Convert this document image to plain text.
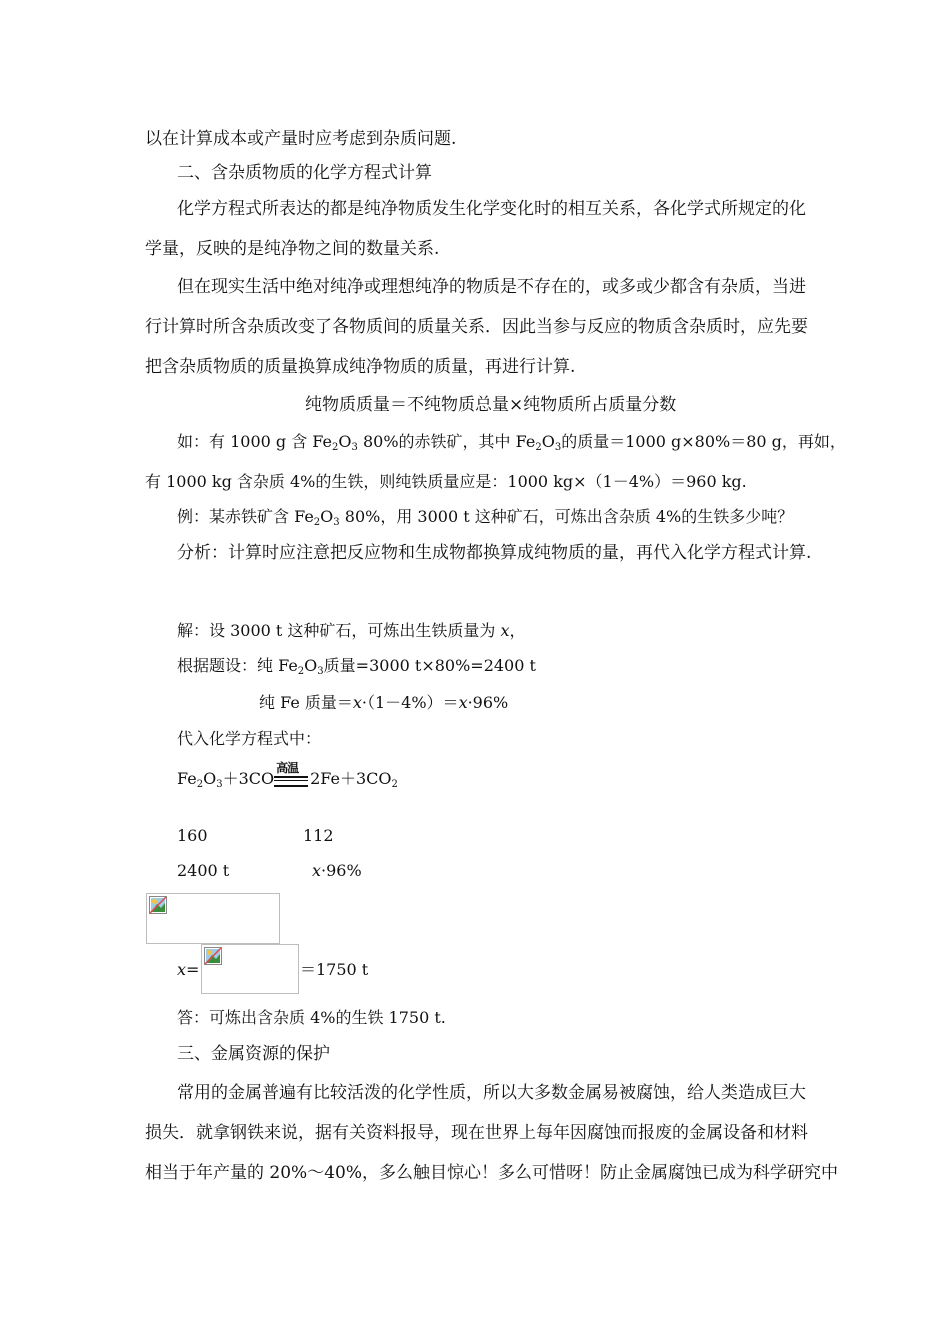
以在计算成本或产量时应考虑到杂质问题.
二、含杂质物质的化学方程式计算
化学方程式所表达的都是纯净物质发生化学变化时的相互关系，各化学式所规定的化
学量，反映的是纯净物之间的数量关系.
但在现实生活中绝对纯净或理想纯净的物质是不存在的，或多或少都含有杂质，当进
行计算时所含杂质改变了各物质间的质量关系．因此当参与反应的物质含杂质时，应先要
把含杂质物质的质量换算成纯净物质的质量，再进行计算.
纯物质质量＝不纯物质总量×纯物质所占质量分数
如：有 1000 g 含 $Fe_2O_3$ 80%的赤铁矿，其中 $Fe_2O_3$的质量＝1000 g×80%＝80 g，再如，
有 1000 kg 含杂质 4%的生铁，则纯铁质量应是：1000 kg×（1－4%）＝960 kg.
例：某赤铁矿含 $Fe_2O_3$ 80%，用 3000 t 这种矿石，可炼出含杂质 4%的生铁多少吨？
分析：计算时应注意把反应物和生成物都换算成纯物质的量，再代入化学方程式计算.
解：设 3000 t 这种矿石，可炼出生铁质量为 x，
根据题设：纯 $Fe_2O_3$质量=3000 t×80%=2400 t
纯 Fe 质量＝x·（1－4%）＝x·96%
代入化学方程式中：
$Fe_2O_3+3CO$
高温
$2Fe+3CO_2$
160	112
2400 t	x·96%
x=	＝1750 t
答：可炼出含杂质 4%的生铁 1750 t.
三、金属资源的保护
常用的金属普遍有比较活泼的化学性质，所以大多数金属易被腐蚀，给人类造成巨大
损失．就拿钢铁来说，据有关资料报导，现在世界上每年因腐蚀而报废的金属设备和材料
相当于年产量的 20%～40%，多么触目惊心！多么可惜呀！防止金属腐蚀已成为科学研究中
